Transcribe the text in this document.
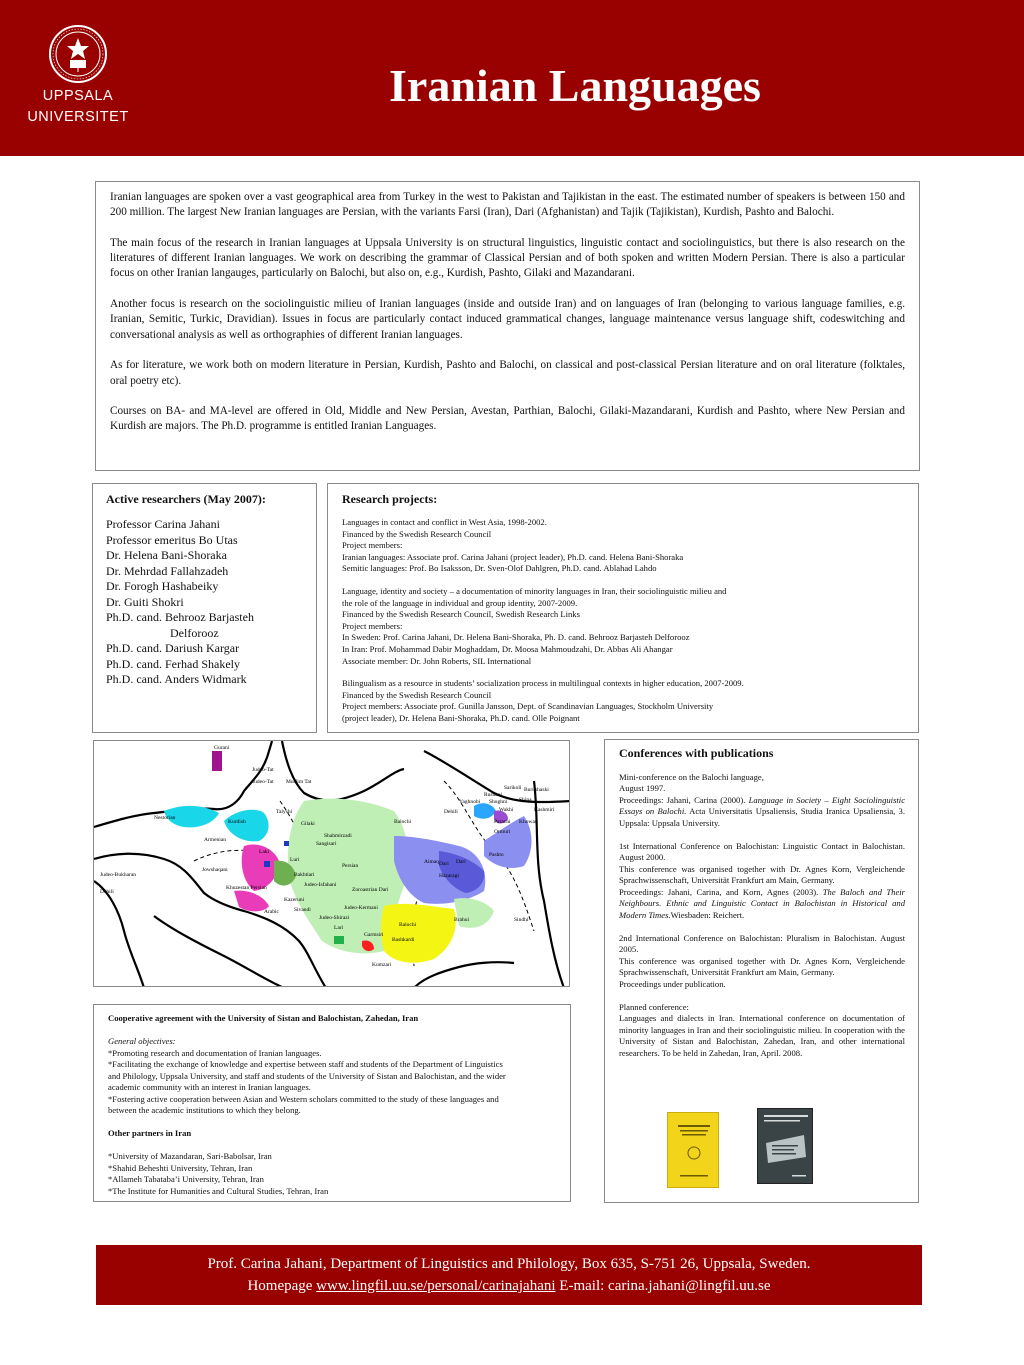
UPPSALA
UNIVERSITET
Iranian Languages

Iranian languages are spoken over a vast geographical area from Turkey in the west to Pakistan and Tajikistan in the east. The estimated number of speakers is between 150 and 200 million. The largest New Iranian languages are Persian, with the variants Farsi (Iran), Dari (Afghanistan) and Tajik (Tajikistan), Kurdish, Pashto and Balochi.

The main focus of the research in Iranian languages at Uppsala University is on structural linguistics, linguistic contact and sociolinguistics, but there is also research on the literatures of different Iranian languages. We work on describing the grammar of Classical Persian and of both spoken and written Modern Persian. There is also a particular focus on other Iranian langauges, particularly on Balochi, but also on, e.g., Kurdish, Pashto, Gilaki and Mazandarani.

Another focus is research on the sociolinguistic milieu of Iranian languages (inside and outside Iran) and on languages of Iran (belonging to various language families, e.g. Iranian, Semitic, Turkic, Dravidian). Issues in focus are particularly contact induced grammatical changes, language maintenance versus language shift, codeswitching and conversational analysis as well as orthographies of different Iranian languages.

As for literature, we work both on modern literature in Persian, Kurdish, Pashto and Balochi, on classical and post-classical Persian literature and on oral literature (folktales, oral poetry etc).

Courses on BA- and MA-level are offered in Old, Middle and New Persian, Avestan, Parthian, Balochi, Gilaki-Mazandarani, Kurdish and Pashto, where New Persian and Kurdish are majors. The Ph.D. programme is entitled Iranian Languages.

Active researchers (May 2007):
Professor Carina Jahani
Professor emeritus Bo Utas
Dr. Helena Bani-Shoraka
Dr. Mehrdad Fallahzadeh
Dr. Forogh Hashabeiky
Dr. Guiti Shokri
Ph.D. cand. Behrooz Barjasteh
Delforooz
Ph.D. cand. Dariush Kargar
Ph.D. cand. Ferhad Shakely
Ph.D. cand. Anders Widmark
Research projects:
Languages in contact and conflict in West Asia, 1998-2002.
Financed by the Swedish Research Council
Project members:
Iranian languages: Associate prof. Carina Jahani (project leader), Ph.D. cand. Helena Bani-Shoraka
Semitic languages: Prof. Bo Isaksson, Dr. Sven-Olof Dahlgren, Ph.D. cand. Ablahad Lahdo
Language, identity and society – a documentation of minority languages in Iran, their sociolinguistic milieu and
the role of the language in individual and group identity, 2007-2009.
Financed by the Swedish Research Council, Swedish Research Links
Project members:
In Sweden: Prof. Carina Jahani, Dr. Helena Bani-Shoraka, Ph. D. cand. Behrooz Barjasteh Delforooz
In Iran: Prof. Mohammad Dabir Moghaddam, Dr. Moosa Mahmoudzahi, Dr. Abbas Ali Ahangar
Associate member: Dr. John Roberts, SIL International
Bilingualism as a resource in students’ socialization process in multilingual contexts in higher education, 2007-2009.
Financed by the Swedish Research Council
Project members: Associate prof. Gunilla Jansson, Dept. of Scandinavian Languages, Stockholm University
(project leader), Dr. Helena Bani-Shoraka, Ph.D. cand. Olle Poignant
Gurani
Judeo-Tat
Judeo-Tat Muslim Tat
Talyshi
Kurdish
Judeo-Bukharan
Dehili
Nestorian
Gilaki
Shahmirzadi
Balochi
Persian
Arabic
Armenian
Laki
Luri
Kazeruni
Judeo-Isfahani
Judeo-Kermani
Judeo-Shirazi
Lari
Garmsiri
Dari
Hazaragi
Pashto
Brahui
Balochi
Sindhi
Kashmiri
Shina
Burushaski
Ormuri
Yaghnobi
Parachi
Wakhi
Shughni
Khowar
Rushani
Sarikoli
Dehili
Kumzari
Jowshaqani
Khuzestan Persian
Sivandi
Bakhtiari
Bashkardi
Zoroastrian Dari
Sangisari
Aimaq	Dari
Cooperative agreement with the University of Sistan and Balochistan, Zahedan, Iran
General objectives:
*Promoting research and documentation of Iranian languages.
*Facilitating the exchange of knowledge and expertise between staff and students of the Department of Linguistics
and Philology, Uppsala University, and staff and students of the University of Sistan and Balochistan, and the wider
academic community with an interest in Iranian languages.
*Fostering active cooperation between Asian and Western scholars committed to the study of these languages and
between the academic institutions to which they belong.
Other partners in Iran
*University of Mazandaran, Sari-Babolsar, Iran
*Shahid Beheshti University, Tehran, Iran
*Allameh Tabataba’i University, Tehran, Iran
*The Institute for Humanities and Cultural Studies, Tehran, Iran
Conferences with publications

Mini-conference on the Balochi language,
August 1997.
Proceedings: Jahani, Carina (2000). Language in Society – Eight Sociolinguistic Essays on Balochi. Acta Universitatis Upsaliensis, Studia Iranica Upsaliensia, 3. Uppsala: Uppsala University.

1st International Conference on Balochistan: Linguistic Contact in Balochistan. August 2000.
This conference was organised together with Dr. Agnes Korn, Vergleichende Sprachwissenschaft, Universität Frankfurt am Main, Germany.
Proceedings: Jahani, Carina, and Korn, Agnes (2003). The Baloch and Their Neighbours. Ethnic and Linguistic Contact in Balochistan in Historical and Modern Times.Wiesbaden: Reichert.

2nd International Conference on Balochistan: Pluralism in Balochistan. August 2005.
This conference was organised together with Dr. Agnes Korn, Vergleichende Sprachwissenschaft, Universität Frankfurt am Main, Germany.
Proceedings under publication.

Planned conference:
Languages and dialects in Iran. International conference on documentation of minority languages in Iran and their sociolinguistic milieu. In cooperation with the University of Sistan and Balochistan, Zahedan, Iran, and other international researchers. To be held in Zahedan, Iran, April. 2008.

Prof. Carina Jahani, Department of Linguistics and Philology, Box 635, S-751 26, Uppsala, Sweden.
Homepage www.lingfil.uu.se/personal/carinajahani E-mail: carina.jahani@lingfil.uu.se
